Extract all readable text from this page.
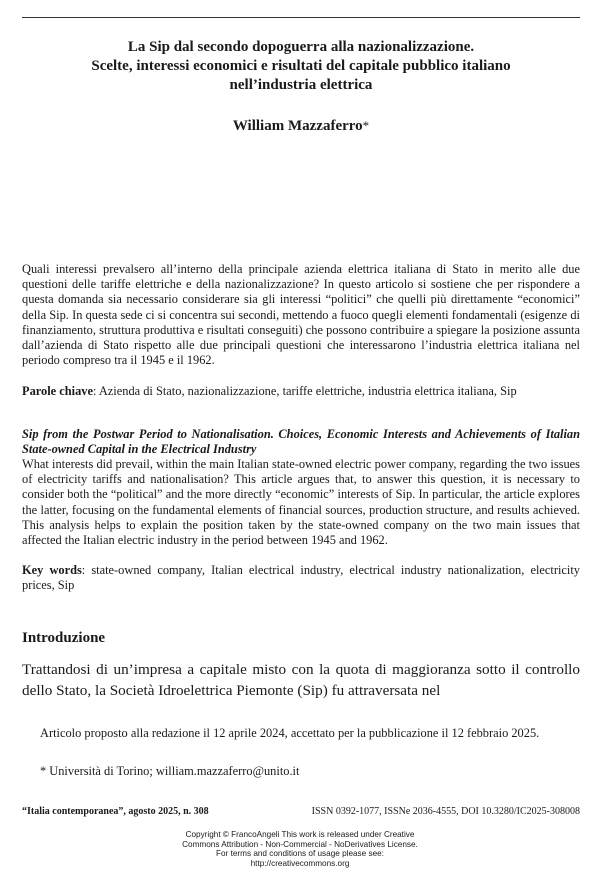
La Sip dal secondo dopoguerra alla nazionalizzazione.
Scelte, interessi economici e risultati del capitale pubblico italiano
nell’industria elettrica
William Mazzaferro*
Quali interessi prevalsero all’interno della principale azienda elettrica italiana di Stato in merito alle due questioni delle tariffe elettriche e della nazionalizzazione? In questo articolo si sostiene che per rispondere a questa domanda sia necessario considerare sia gli interessi “politici” che quelli più direttamente “economici” della Sip. In questa sede ci si concentra sui secondi, mettendo a fuoco quegli elementi fondamentali (esigenze di finanziamento, struttura produttiva e risultati conseguiti) che possono contribuire a spiegare la posizione assunta dall’azienda di Stato rispetto alle due principali questioni che interessarono l’industria elettrica italiana nel periodo compreso tra il 1945 e il 1962.
Parole chiave: Azienda di Stato, nazionalizzazione, tariffe elettriche, industria elettrica italiana, Sip
Sip from the Postwar Period to Nationalisation. Choices, Economic Interests and Achievements of Italian State-owned Capital in the Electrical Industry
What interests did prevail, within the main Italian state-owned electric power company, regarding the two issues of electricity tariffs and nationalisation? This article argues that, to answer this question, it is necessary to consider both the “political” and the more directly “economic” interests of Sip. In particular, the article explores the latter, focusing on the fundamental elements of financial sources, production structure, and results achieved. This analysis helps to explain the position taken by the state-owned company on the two main issues that affected the Italian electric industry in the period between 1945 and 1962.
Key words: state-owned company, Italian electrical industry, electrical industry nationalization, electricity prices, Sip
Introduzione
Trattandosi di un’impresa a capitale misto con la quota di maggioranza sotto il controllo dello Stato, la Società Idroelettrica Piemonte (Sip) fu attraversata nel
Articolo proposto alla redazione il 12 aprile 2024, accettato per la pubblicazione il 12 febbraio 2025.
* Università di Torino; william.mazzaferro@unito.it
“Italia contemporanea”, agosto 2025, n. 308	ISSN 0392-1077, ISSNe 2036-4555, DOI 10.3280/IC2025-308008
Copyright © FrancoAngeli This work is released under Creative
Commons Attribution - Non-Commercial - NoDerivatives License.
For terms and conditions of usage please see:
http://creativecommons.org
